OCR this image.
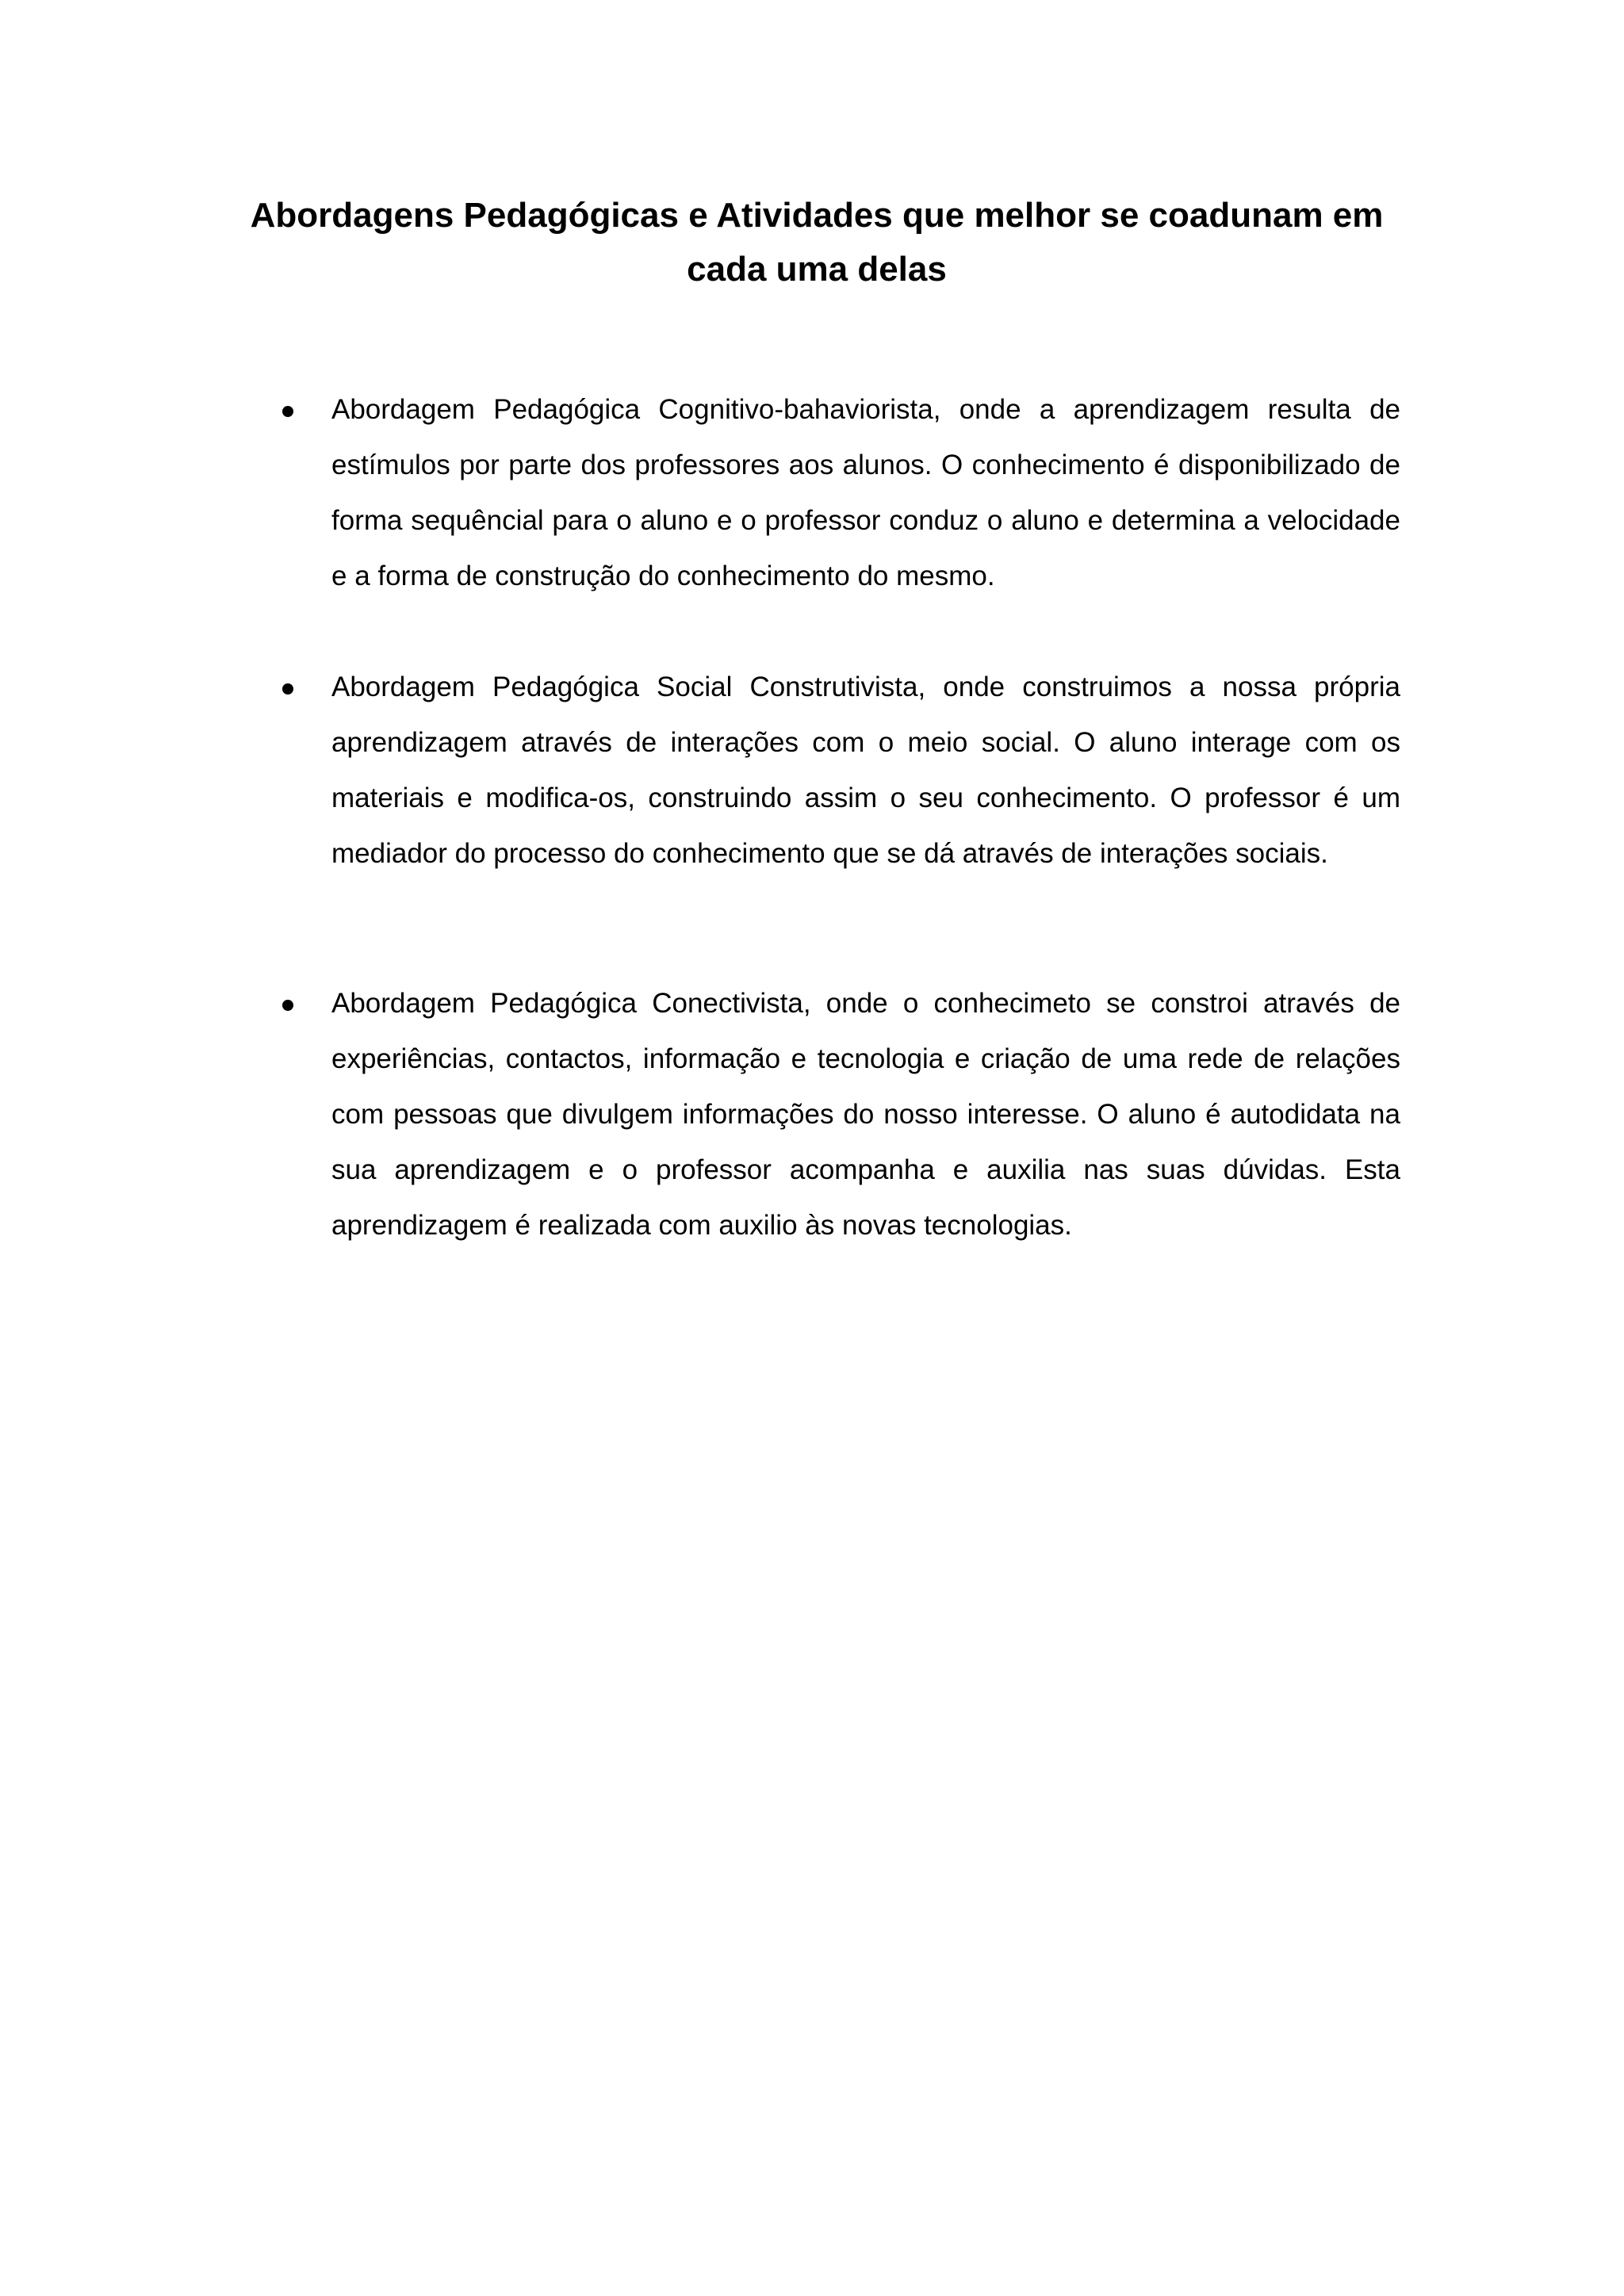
Abordagens Pedagógicas e Atividades que melhor se coadunam em cada uma delas

Abordagem Pedagógica Cognitivo-bahaviorista, onde a aprendizagem resulta de estímulos por parte dos professores aos alunos. O conhecimento é disponibilizado de forma sequêncial para o aluno e o professor conduz o aluno e determina a velocidade e a forma de construção do conhecimento do mesmo.

Abordagem Pedagógica Social Construtivista, onde construimos a nossa própria aprendizagem através de interações com o meio social. O aluno interage com os materiais e modifica-os, construindo assim o seu conhecimento. O professor é um mediador do processo do conhecimento que se dá através de interações sociais.

Abordagem Pedagógica Conectivista, onde o conhecimeto se constroi através de experiências, contactos, informação e tecnologia e criação de uma rede de relações com pessoas que divulgem informações do nosso interesse. O aluno é autodidata na sua aprendizagem e o professor acompanha e auxilia nas suas dúvidas. Esta aprendizagem é realizada com auxilio às novas tecnologias.
